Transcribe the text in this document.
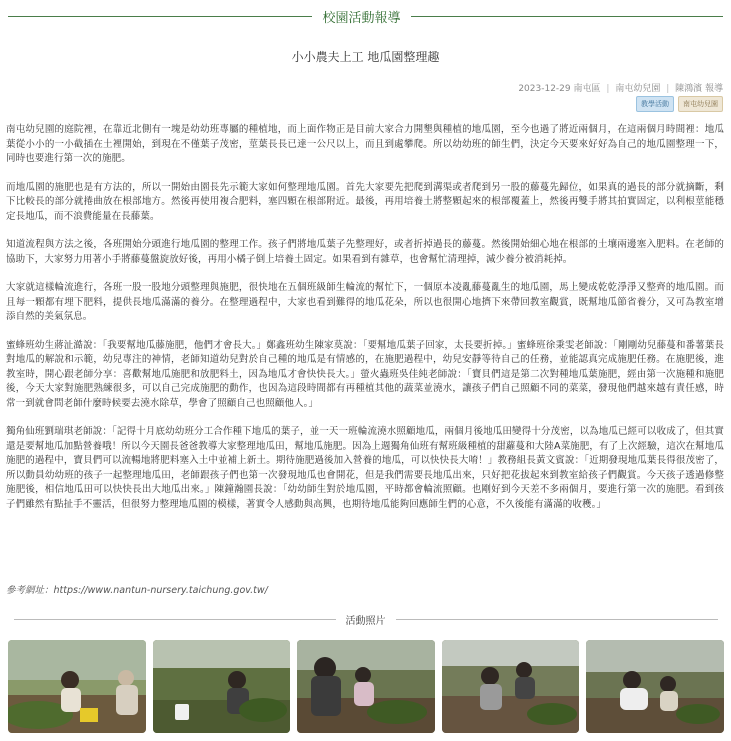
校園活動報導
小小農夫上工 地瓜園整理趣
2023-12-29 南屯區 | 南屯幼兒園 | 陳鴻濱 報導
教學活動	南屯幼兒園

南屯幼兒園的庭院裡，在靠近北側有一塊是幼幼班專屬的種植地，而上面作物正是目前大家合力開墾與種植的地瓜園，至今也過了將近兩個月，在這兩個月時間裡：地瓜葉從小小的一小截插在土裡開始，到現在不僅葉子茂密，莖葉長長已達一公尺以上，而且到處攀爬。所以幼幼班的師生們，決定今天要來好好為自己的地瓜園整理一下，同時也要進行第一次的施肥。

而地瓜園的施肥也是有方法的，所以一開始由園長先示範大家如何整理地瓜園。首先大家要先把爬到溝渠或者爬到另一股的藤蔓先歸位，如果真的過長的部分就摘斷，剩下比較長的部分就捲曲放在根部地方。然後再使用複合肥料，塞四顆在根部附近。最後，再用培養土將整顆起來的根部覆蓋上，然後再雙手將其拍實固定，以利根莖能穩定長地瓜，而不浪費能量在長藤葉。

知道流程與方法之後，各班開始分頭進行地瓜園的整理工作。孩子們將地瓜葉子先整理好，或者折掉過長的藤蔓。然後開始細心地在根部的土壤兩邊塞入肥料。在老師的協助下，大家努力用著小手將藤蔓盤旋放好後，再用小橘子倒上培養土固定。如果看到有雜草，也會幫忙清理掉，減少養分被消耗掉。

大家就這樣輪流進行，各班一股一股地分頭整理與施肥，很快地在五個班級師生輪流的幫忙下，一個原本凌亂藤蔓亂生的地瓜園，馬上變成乾乾淨淨又整齊的地瓜園。而且每一顆都有埋下肥料，提供長地瓜滿滿的養分。在整理過程中，大家也看到難得的地瓜花朵，所以也很開心地擠下來帶回教室觀賞，既幫地瓜節省養分，又可為教室增添自然的美氣氛息。

蜜蜂班幼生蔣沚澔說：「我要幫地瓜藤施肥，他們才會長大。」鄭鑫班幼生陳家莫說：「要幫地瓜葉子回家，太長要折掉。」蜜蜂班徐秉雯老師說：「剛剛幼兒藤蔓和番薯葉長對地瓜的解說和示範，幼兒專注的神情，老師知道幼兒對於自己種的地瓜是有情感的，在施肥過程中，幼兒安靜等待自己的任務，並能認真完成施肥任務。在施肥後，進教室時，開心跟老師分享：喜歡幫地瓜施肥和放肥料土，因為地瓜才會快快長大。」螢火蟲班吳佳純老師說：「寶貝們這是第二次對種地瓜葉施肥，經由第一次施種和施肥後，今天大家對施肥熟練很多，可以自己完成施肥的動作，也因為這段時間都有再種植其他的蔬菜並澆水，讓孩子們自己照顧不同的菜菜，發現他們越來越有責任感，時常一到就會問老師什麼時候要去澆水除草，學會了照顧自己也照顧他人。」

獨角仙班劉瑞琪老師說：「記得十月底幼幼班分工合作種下地瓜的葉子，並一天一班輪流澆水照顧地瓜，兩個月後地瓜田變得十分茂密，以為地瓜已經可以收成了，但其實還是要幫地瓜加點營養哦！所以今天園長爸爸教導大家整理地瓜田，幫地瓜施肥。因為上週獨角仙班有幫班級種植的甜蘿蔓和大陸A菜施肥，有了上次經驗，這次在幫地瓜施肥的過程中，寶貝們可以流暢地將肥料塞入土中並補上新土。期待施肥過後加入營養的地瓜，可以快快長大唷！」教務組長黃文賓說：「近期發現地瓜葉長得很茂密了，所以動員幼幼班的孩子一起整理地瓜田，老師跟孩子們也第一次發現地瓜也會開花，但是我們需要長地瓜出來，只好把花拔起來到教室給孩子們觀賞。今天孩子透過修整施肥後，相信地瓜田可以快快長出大地瓜出來。」陳鐘瀚園長說：「幼幼師生對於地瓜園，平時都會輪流照顧。也剛好到今天差不多兩個月，要進行第一次的施肥。看到孩子們雖然有點扯手不靈活，但很努力整理地瓜園的模樣，著實令人感動與高興，也期待地瓜能夠回應師生們的心意，不久後能有滿滿的收穫。」

參考網址：https://www.nantun-nursery.taichung.gov.tw/
活動照片
